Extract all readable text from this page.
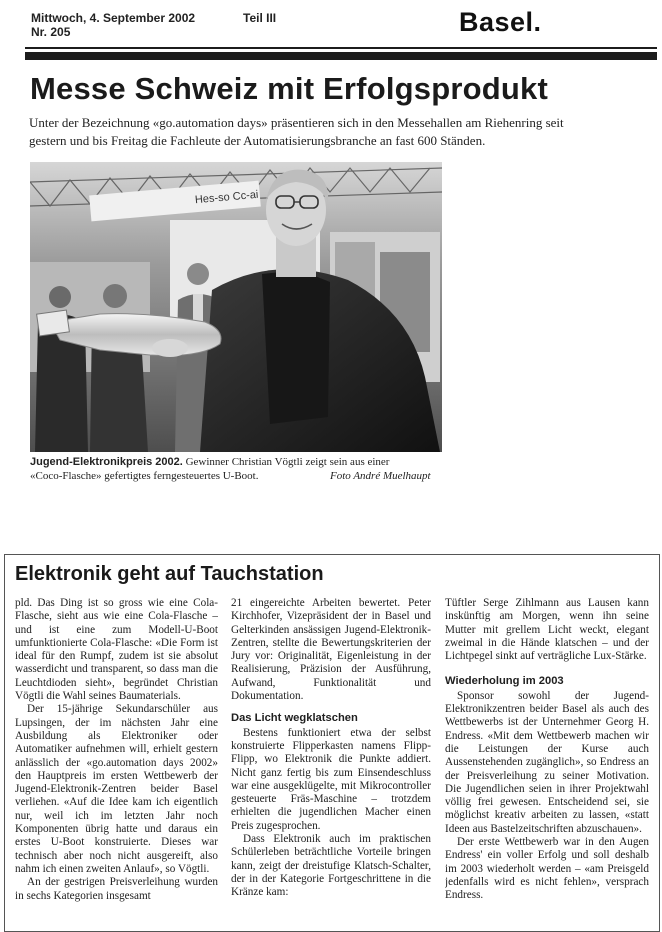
Mittwoch, 4. September 2002	Teil III
Nr. 205	Basel.
Messe Schweiz mit Erfolgsprodukt
Unter der Bezeichnung «go.automation days» präsentieren sich in den Messehallen am Riehenring seit
gestern und bis Freitag die Fachleute der Automatisierungsbranche an fast 600 Ständen.
Hes-so Cc-ai
Jugend-Elektronikpreis 2002. Gewinner Christian Vögtli zeigt sein aus einer
«Coco-Flasche» gefertigtes ferngesteuertes U-Boot.	Foto André Muelhaupt
Elektronik geht auf Tauchstation

pld. Das Ding ist so gross wie eine Cola-Flasche, sieht aus wie eine Cola-Flasche – und ist eine zum Modell-U-Boot umfunktionierte Cola-Flasche: «Die Form ist ideal für den Rumpf, zudem ist sie absolut wasserdicht und transparent, so dass man die Leuchtdioden sieht», begründet Christian Vögtli die Wahl seines Baumaterials.

Der 15-jährige Sekundarschüler aus Lupsingen, der im nächsten Jahr eine Ausbildung als Elektroniker oder Automatiker aufnehmen will, erhielt gestern anlässlich der «go.automation days 2002» den Hauptpreis im ersten Wettbewerb der Jugend-Elektronik-Zentren beider Basel verliehen. «Auf die Idee kam ich eigentlich nur, weil ich im letzten Jahr noch Komponenten übrig hatte und daraus ein erstes U-Boot konstruierte. Dieses war technisch aber noch nicht ausgereift, also nahm ich einen zweiten Anlauf», so Vögtli.

An der gestrigen Preisverleihung wurden in sechs Kategorien insgesamt

21 eingereichte Arbeiten bewertet. Peter Kirchhofer, Vizepräsident der in Basel und Gelterkinden ansässigen Jugend-Elektronik-Zentren, stellte die Bewertungskriterien der Jury vor: Originalität, Eigenleistung in der Realisierung, Präzision der Ausführung, Aufwand, Funktionalität und Dokumentation.

Das Licht wegklatschen

Bestens funktioniert etwa der selbst konstruierte Flipperkasten namens Flipp-Flipp, wo Elektronik die Punkte addiert. Nicht ganz fertig bis zum Einsendeschluss war eine ausgeklügelte, mit Mikrocontroller gesteuerte Fräs-Maschine – trotzdem erhielten die jugendlichen Macher einen Preis zugesprochen.

Dass Elektronik auch im praktischen Schülerleben beträchtliche Vorteile bringen kann, zeigt der dreistufige Klatsch-Schalter, der in der Kategorie Fortgeschrittene in die Kränze kam:

Tüftler Serge Zihlmann aus Lausen kann inskünftig am Morgen, wenn ihn seine Mutter mit grellem Licht weckt, elegant zweimal in die Hände klatschen – und der Lichtpegel sinkt auf verträgliche Lux-Stärke.

Wiederholung im 2003

Sponsor sowohl der Jugend-Elektronikzentren beider Basel als auch des Wettbewerbs ist der Unternehmer Georg H. Endress. «Mit dem Wettbewerb machen wir die Leistungen der Kurse auch Aussenstehenden zugänglich», so Endress an der Preisverleihung zu seiner Motivation. Die Jugendlichen seien in ihrer Projektwahl völlig frei gewesen. Entscheidend sei, sie möglichst kreativ arbeiten zu lassen, «statt Ideen aus Bastelzeitschriften abzuschauen».

Der erste Wettbewerb war in den Augen Endress' ein voller Erfolg und soll deshalb im 2003 wiederholt werden – «am Preisgeld jedenfalls wird es nicht fehlen», versprach Endress.
